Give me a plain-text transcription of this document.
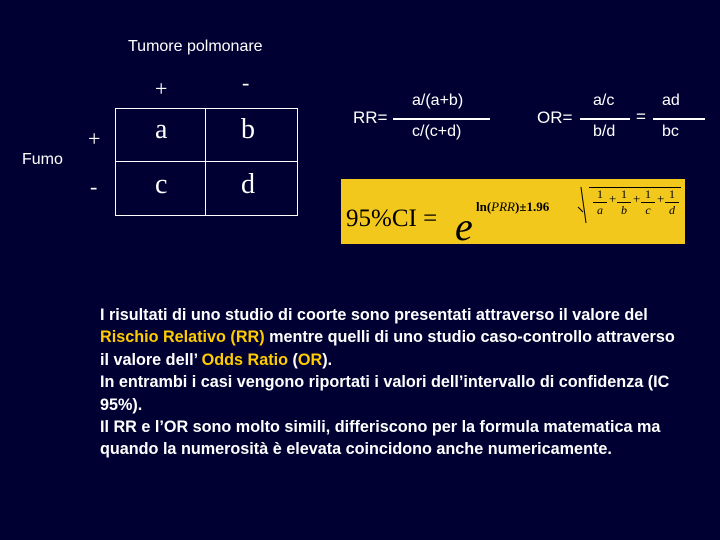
Tumore polmonare
+	-
+
-
Fumo
a	b
c	d
RR=
a/(a+b)
c/(c+d)
OR=
a/c
b/d
=
ad
bc
95%CI = e ln(PRR)±1.96
1
a
+ 1
b
+ 1
c
+ 1
d
I risultati di uno studio di coorte sono presentati attraverso il valore del Rischio Relativo (RR) mentre quelli di uno studio caso-controllo attraverso il valore dell’ Odds Ratio (OR).
In entrambi i casi vengono riportati i valori dell’intervallo di confidenza (IC 95%).
Il RR e l’OR sono molto simili, differiscono per la formula matematica ma quando la numerosità è elevata coincidono anche numericamente.
